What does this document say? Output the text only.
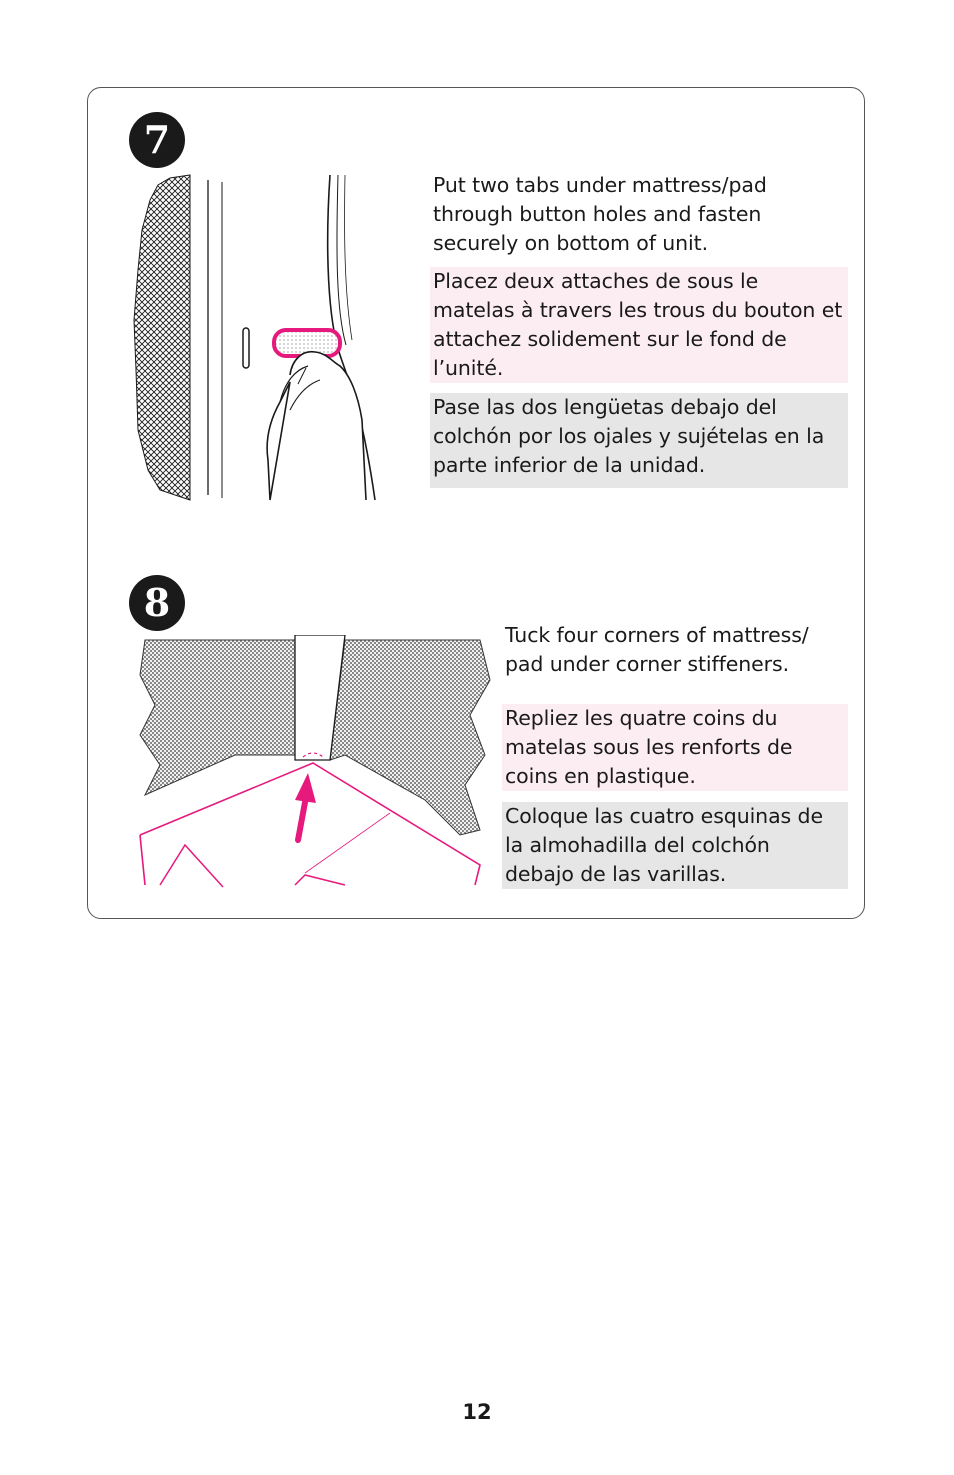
7
Put two tabs under mattress/pad through button holes and fasten securely on bottom of unit.
Placez deux attaches de sous le matelas à travers les trous du bouton et attachez solidement sur le fond de l’unité.
Pase las dos lengüetas debajo del colchón por los ojales y sujételas en la parte inferior de la unidad.
8
Tuck four corners of mattress/ pad under corner stiffeners.
Repliez les quatre coins du matelas sous les renforts de coins en plastique.
Coloque las cuatro esquinas de la almohadilla del colchón debajo de las varillas.
12
